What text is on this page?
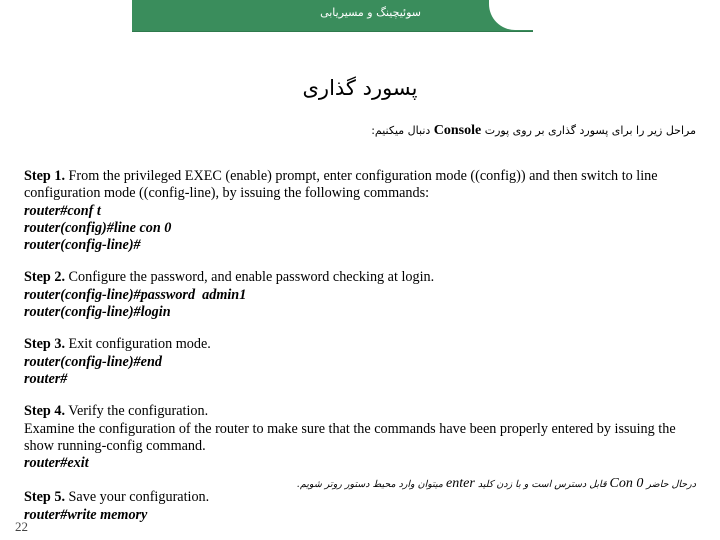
سوئیچینگ و مسیریابی
پسورد گذاری
مراحل زیر را برای پسورد گذاری بر روی پورت Console دنبال میکنیم:

Step 1. From the privileged EXEC (enable) prompt, enter configuration mode ((config)) and then switch to line configuration mode ((config-line), by issuing the following commands:

router#conf t

router(config)#line con 0

router(config-line)#

Step 2. Configure the password, and enable password checking at login.

router(config-line)#password  admin1

router(config-line)#login

Step 3. Exit configuration mode.

router(config-line)#end

router#

Step 4. Verify the configuration.

Examine the configuration of the router to make sure that the commands have been properly entered by issuing the show running-config command.

router#exit

Step 5. Save your configuration.

router#write memory

درحال حاضر Con 0 قابل دسترس است و با زدن کلید enter میتوان وارد محیط دستور روتر شویم.
22
